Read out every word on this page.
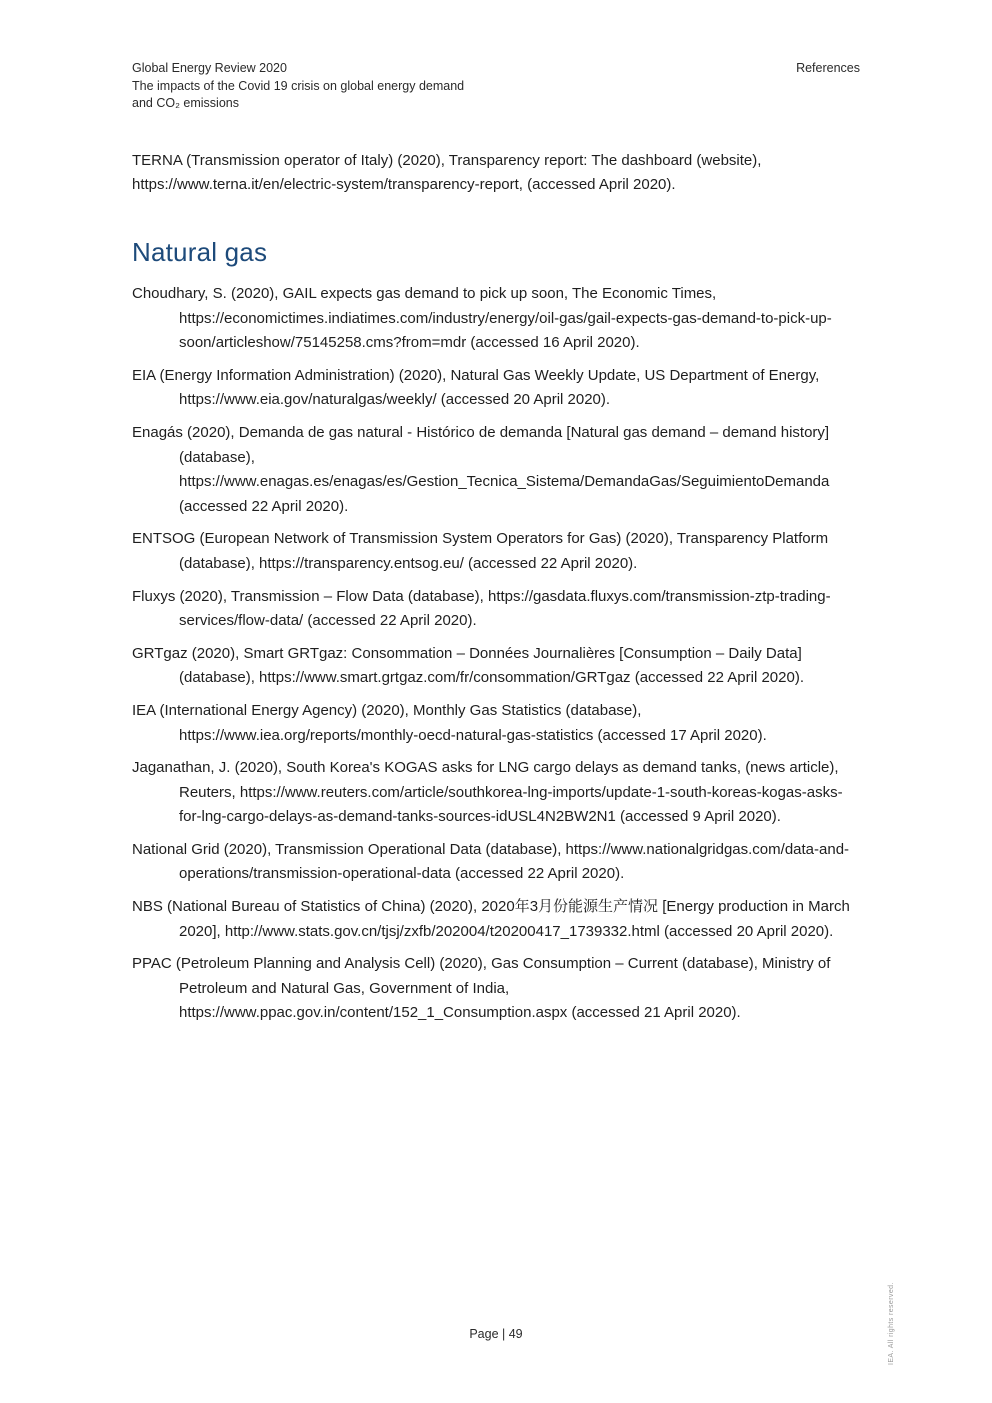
Global Energy Review 2020
The impacts of the Covid 19 crisis on global energy demand
and CO₂ emissions
References

TERNA (Transmission operator of Italy) (2020), Transparency report: The dashboard (website), https://www.terna.it/en/electric-system/transparency-report, (accessed April 2020).

Natural gas
Choudhary, S. (2020), GAIL expects gas demand to pick up soon, The Economic Times, https://economictimes.indiatimes.com/industry/energy/oil-gas/gail-expects-gas-demand-to-pick-up-soon/articleshow/75145258.cms?from=mdr (accessed 16 April 2020).
EIA (Energy Information Administration) (2020), Natural Gas Weekly Update, US Department of Energy, https://www.eia.gov/naturalgas/weekly/ (accessed 20 April 2020).
Enagás (2020), Demanda de gas natural - Histórico de demanda [Natural gas demand – demand history] (database), https://www.enagas.es/enagas/es/Gestion_Tecnica_Sistema/DemandaGas/SeguimientoDemanda (accessed 22 April 2020).
ENTSOG (European Network of Transmission System Operators for Gas) (2020), Transparency Platform (database), https://transparency.entsog.eu/ (accessed 22 April 2020).
Fluxys (2020), Transmission – Flow Data (database), https://gasdata.fluxys.com/transmission-ztp-trading-services/flow-data/ (accessed 22 April 2020).
GRTgaz (2020), Smart GRTgaz: Consommation – Données Journalières [Consumption – Daily Data] (database), https://www.smart.grtgaz.com/fr/consommation/GRTgaz (accessed 22 April 2020).
IEA (International Energy Agency) (2020), Monthly Gas Statistics (database), https://www.iea.org/reports/monthly-oecd-natural-gas-statistics (accessed 17 April 2020).
Jaganathan, J. (2020), South Korea's KOGAS asks for LNG cargo delays as demand tanks, (news article), Reuters, https://www.reuters.com/article/southkorea-lng-imports/update-1-south-koreas-kogas-asks-for-lng-cargo-delays-as-demand-tanks-sources-idUSL4N2BW2N1 (accessed 9 April 2020).
National Grid (2020), Transmission Operational Data (database), https://www.nationalgridgas.com/data-and-operations/transmission-operational-data (accessed 22 April 2020).
NBS (National Bureau of Statistics of China) (2020), 2020年3月份能源生产情况 [Energy production in March 2020], http://www.stats.gov.cn/tjsj/zxfb/202004/t20200417_1739332.html (accessed 20 April 2020).
PPAC (Petroleum Planning and Analysis Cell) (2020), Gas Consumption – Current (database), Ministry of Petroleum and Natural Gas, Government of India, https://www.ppac.gov.in/content/152_1_Consumption.aspx (accessed 21 April 2020).
Page | 49	IEA. All rights reserved.
